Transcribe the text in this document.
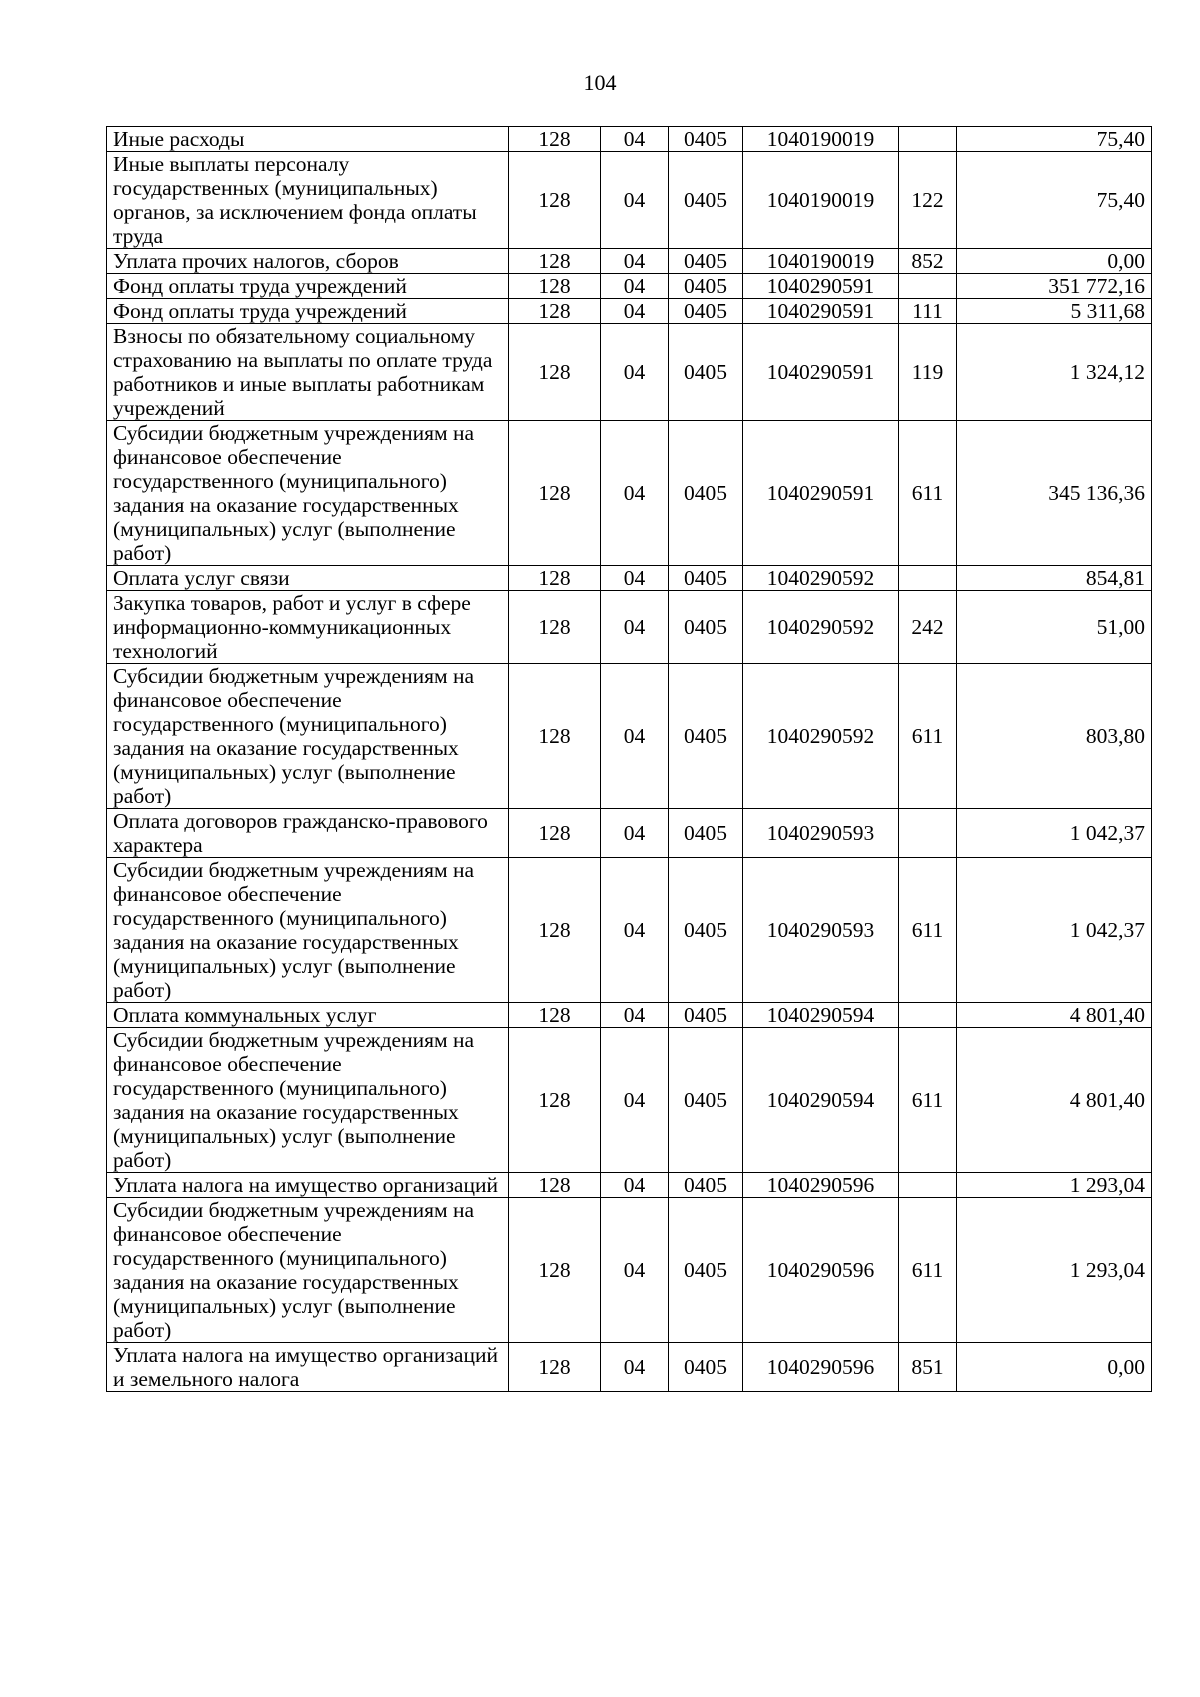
104
Иные расходы	128	04	0405	1040190019		75,40
Иные выплаты персоналу государственных (муниципальных) органов, за исключением фонда оплаты труда	128	04	0405	1040190019	122	75,40
Уплата прочих налогов, сборов	128	04	0405	1040190019	852	0,00
Фонд оплаты труда учреждений	128	04	0405	1040290591		351 772,16
Фонд оплаты труда учреждений	128	04	0405	1040290591	111	5 311,68
Взносы по обязательному социальному страхованию на выплаты по оплате труда работников и иные выплаты работникам учреждений	128	04	0405	1040290591	119	1 324,12
Субсидии бюджетным учреждениям на финансовое обеспечение государственного (муниципального) задания на оказание государственных (муниципальных) услуг (выполнение работ)	128	04	0405	1040290591	611	345 136,36
Оплата услуг связи	128	04	0405	1040290592		854,81
Закупка товаров, работ и услуг в сфере информационно-коммуникационных технологий	128	04	0405	1040290592	242	51,00
Субсидии бюджетным учреждениям на финансовое обеспечение государственного (муниципального) задания на оказание государственных (муниципальных) услуг (выполнение работ)	128	04	0405	1040290592	611	803,80
Оплата договоров гражданско-правового характера	128	04	0405	1040290593		1 042,37
Субсидии бюджетным учреждениям на финансовое обеспечение государственного (муниципального) задания на оказание государственных (муниципальных) услуг (выполнение работ)	128	04	0405	1040290593	611	1 042,37
Оплата коммунальных услуг	128	04	0405	1040290594		4 801,40
Субсидии бюджетным учреждениям на финансовое обеспечение государственного (муниципального) задания на оказание государственных (муниципальных) услуг (выполнение работ)	128	04	0405	1040290594	611	4 801,40
Уплата налога на имущество организаций	128	04	0405	1040290596		1 293,04
Субсидии бюджетным учреждениям на финансовое обеспечение государственного (муниципального) задания на оказание государственных (муниципальных) услуг (выполнение работ)	128	04	0405	1040290596	611	1 293,04
Уплата налога на имущество организаций и земельного налога	128	04	0405	1040290596	851	0,00
